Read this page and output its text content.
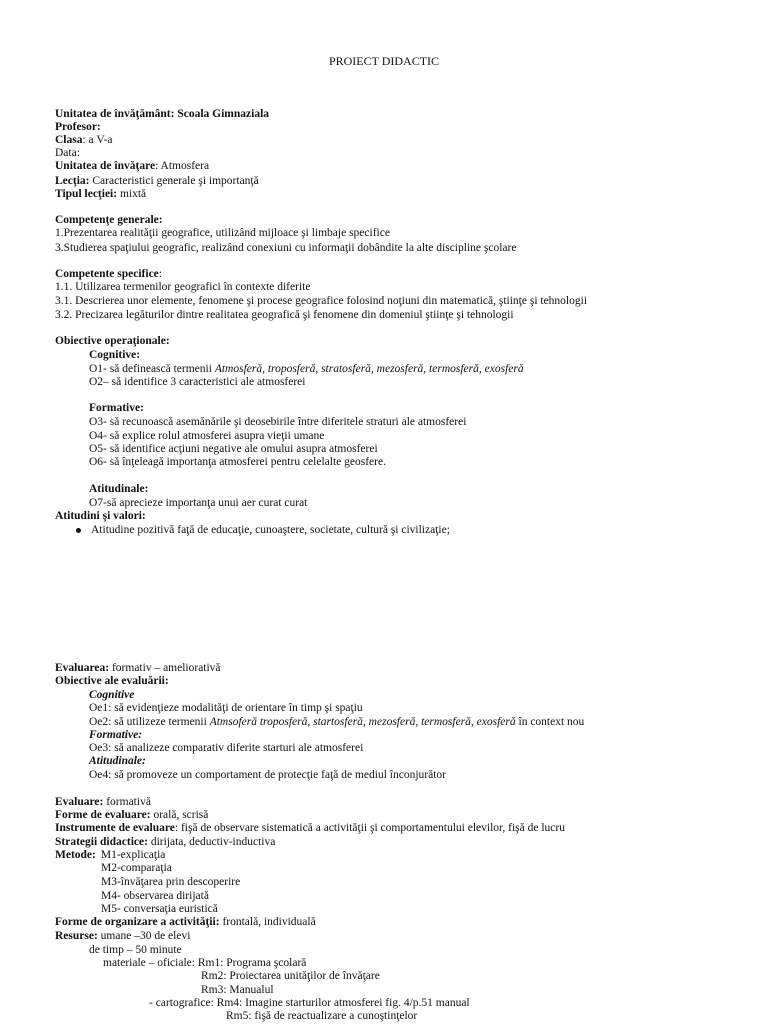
PROIECT DIDACTIC
Unitatea de învăţământ: Scoala Gimnaziala
Profesor:
Clasa: a V-a
Data:
Unitatea de învăţare: Atmosfera
Lecţia: Caracteristici generale şi importanţă
Tipul lecţiei: mixtă
Competenţe generale:
1.Prezentarea realităţii geografice, utilizând mijloace şi limbaje specifice
3.Studierea spaţiului geografic, realizând conexiuni cu informaţii dobândite la alte discipline şcolare
Competente specifice:
1.1. Utilizarea termenilor geografici în contexte diferite
3.1. Descrierea unor elemente, fenomene şi procese geografice folosind noţiuni din matematică, ştiinţe şi tehnologii
3.2. Precizarea legăturilor dintre realitatea geografică şi fenomene din domeniul ştiinţe şi tehnologii
Obiective operaţionale:
Cognitive:
O1- să definească termenii Atmosferă, troposferă, stratosferă, mezosferă, termosferă, exosferă
O2– să identifice 3 caracteristici ale atmosferei
Formative:
O3- să recunoască asemănările şi deosebirile între diferitele straturi ale atmosferei
O4- să explice rolul atmosferei asupra vieţii umane
O5- să identifice acţiuni negative ale omului asupra atmosferei
O6- să înţeleagă importanţa atmosferei pentru celelalte geosfere.
Atitudinale:
O7-să aprecieze importanţa unui aer curat curat
Atitudini şi valori:
Atitudine pozitivă faţă de educaţie, cunoaştere, societate, cultură şi civilizaţie;
Evaluarea: formativ – ameliorativă
Obiective ale evaluării:
Cognitive
Oe1: să evidenţieze modalităţi de orientare în timp şi spaţiu
Oe2: să utilizeze termenii Atmsoferă troposferă, startosferă, mezosferă, termosferă, exosferă în context nou
Formative:
Oe3: să analizeze comparativ diferite starturi ale atmosferei
Atitudinale:
Oe4: să promoveze un comportament de protecţie faţă de mediul înconjurător
Evaluare: formativă
Forme de evaluare: orală, scrisă
Instrumente de evaluare: fişă de observare sistematică a activităţii şi comportamentului elevilor, fişă de lucru
Strategii didactice: dirijata, deductiv-inductiva
Metode: M1-explicaţia
M2-comparaţia
M3-învăţarea prin descoperire
M4- observarea dirijată
M5- conversaţia euristică
Forme de organizare a activităţii: frontală, individuală
Resurse: umane –30 de elevi
de timp – 50 minute
materiale – oficiale: Rm1: Programa şcolară
Rm2: Proiectarea unităţilor de învăţare
Rm3: Manualul
- cartografice: Rm4: Imagine starturilor atmosferei fig. 4/p.51 manual
Rm5: fişă de reactualizare a cunoştinţelor
